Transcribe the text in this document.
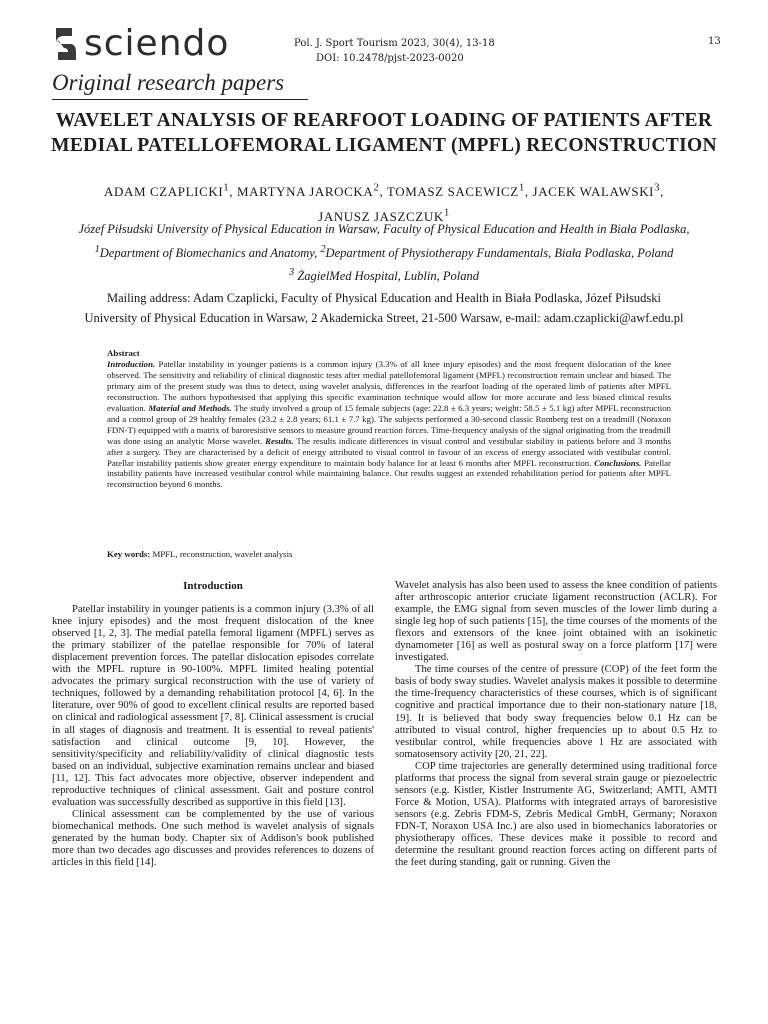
sciendo	Pol. J. Sport Tourism 2023, 30(4), 13-18
DOI: 10.2478/pjst-2023-0020
13
Original research papers
WAVELET ANALYSIS OF REARFOOT LOADING OF PATIENTS AFTER MEDIAL PATELLOFEMORAL LIGAMENT (MPFL) RECONSTRUCTION
ADAM CZAPLICKI$^1$, MARTYNA JAROCKA$^2$, TOMASZ SACEWICZ$^1$, JACEK WALAWSKI$^3$,
JANUSZ JASZCZUK$^1$
Józef Piłsudski University of Physical Education in Warsaw, Faculty of Physical Education and Health in Biała Podlaska,
$^1$Department of Biomechanics and Anatomy, $^2$Department of Physiotherapy Fundamentals, Biała Podlaska, Poland
$^3$ ŻagielMed Hospital, Lublin, Poland
Mailing address: Adam Czaplicki, Faculty of Physical Education and Health in Biała Podlaska, Józef Piłsudski
University of Physical Education in Warsaw, 2 Akademicka Street, 21-500 Warsaw, e-mail: adam.czaplicki@awf.edu.pl
Abstract
Introduction. Patellar instability in younger patients is a common injury (3.3% of all knee injury episodes) and the most frequent dislocation of the knee observed. The sensitivity and reliability of clinical diagnostic tests after medial patellofemoral ligament (MPFL) reconstruction remain unclear and biased. The primary aim of the present study was thus to detect, using wavelet analysis, differences in the rearfoot loading of the operated limb of patients after MPFL reconstruction. The authors hypothesised that applying this specific examination technique would allow for more accurate and less biased clinical results evaluation. Material and Methods. The study involved a group of 15 female subjects (age: 22.8 ± 6.3 years; weight: 58.5 ± 5.1 kg) after MPFL reconstruction and a control group of 29 healthy females (23.2 ± 2.8 years; 61.1 ± 7.7 kg). The subjects performed a 30-second classic Romberg test on a treadmill (Noraxon FDN-T) equipped with a matrix of baroresistive sensors to measure ground reaction forces. Time-frequency analysis of the signal originating from the treadmill was done using an analytic Morse wavelet. Results. The results indicate differences in visual control and vestibular stability in patients before and 3 months after a surgery. They are characterised by a deficit of energy attributed to visual control in favour of an excess of energy associated with vestibular control. Patellar instability patients show greater energy expenditure to maintain body balance for at least 6 months after MPFL reconstruction. Conclusions. Patellar instability patients have increased vestibular control while maintaining balance. Our results suggest an extended rehabilitation period for patients after MPFL reconstruction beyond 6 months.
Key words: MPFL, reconstruction, wavelet analysis
Introduction

Patellar instability in younger patients is a common injury (3.3% of all knee injury episodes) and the most frequent dislocation of the knee observed [1, 2, 3]. The medial patella femoral ligament (MPFL) serves as the primary stabilizer of the patellae responsible for 70% of lateral displacement prevention forces. The patellar dislocation episodes correlate with the MPFL rupture in 90-100%. MPFL limited healing potential advocates the primary surgical reconstruction with the use of variety of techniques, followed by a demanding rehabilitation protocol [4, 6]. In the literature, over 90% of good to excellent clinical results are reported based on clinical and radiological assessment [7, 8]. Clinical assessment is crucial in all stages of diagnosis and treatment. It is essential to reveal patients' satisfaction and clinical outcome [9, 10]. However, the sensitivity/specificity and reliability/validity of clinical diagnostic tests based on an individual, subjective examination remains unclear and biased [11, 12]. This fact advocates more objective, observer independent and reproductive techniques of clinical assessment. Gait and posture control evaluation was successfully described as supportive in this field [13].

Clinical assessment can be complemented by the use of various biomechanical methods. One such method is wavelet analysis of signals generated by the human body. Chapter six of Addison's book published more than two decades ago discusses and provides references to dozens of articles in this field [14].

Wavelet analysis has also been used to assess the knee condition of patients after arthroscopic anterior cruciate ligament reconstruction (ACLR). For example, the EMG signal from seven muscles of the lower limb during a single leg hop of such patients [15], the time courses of the moments of the flexors and extensors of the knee joint obtained with an isokinetic dynamometer [16] as well as postural sway on a force platform [17] were investigated.

The time courses of the centre of pressure (COP) of the feet form the basis of body sway studies. Wavelet analysis makes it possible to determine the time-frequency characteristics of these courses, which is of significant cognitive and practical importance due to their non-stationary nature [18, 19]. It is believed that body sway frequencies below 0.1 Hz can be attributed to visual control, higher frequencies up to about 0.5 Hz to vestibular control, while frequencies above 1 Hz are associated with somatosensory activity [20, 21, 22].

COP time trajectories are generally determined using traditional force platforms that process the signal from several strain gauge or piezoelectric sensors (e.g. Kistler, Kistler Instrumente AG, Switzerland; AMTI, AMTI Force & Motion, USA). Platforms with integrated arrays of baroresistive sensors (e.g. Zebris FDM-S, Zebris Medical GmbH, Germany; Noraxon FDN-T, Noraxon USA Inc.) are also used in biomechanics laboratories or physiotherapy offices. These devices make it possible to record and determine the resultant ground reaction forces acting on different parts of the feet during standing, gait or running. Given the
